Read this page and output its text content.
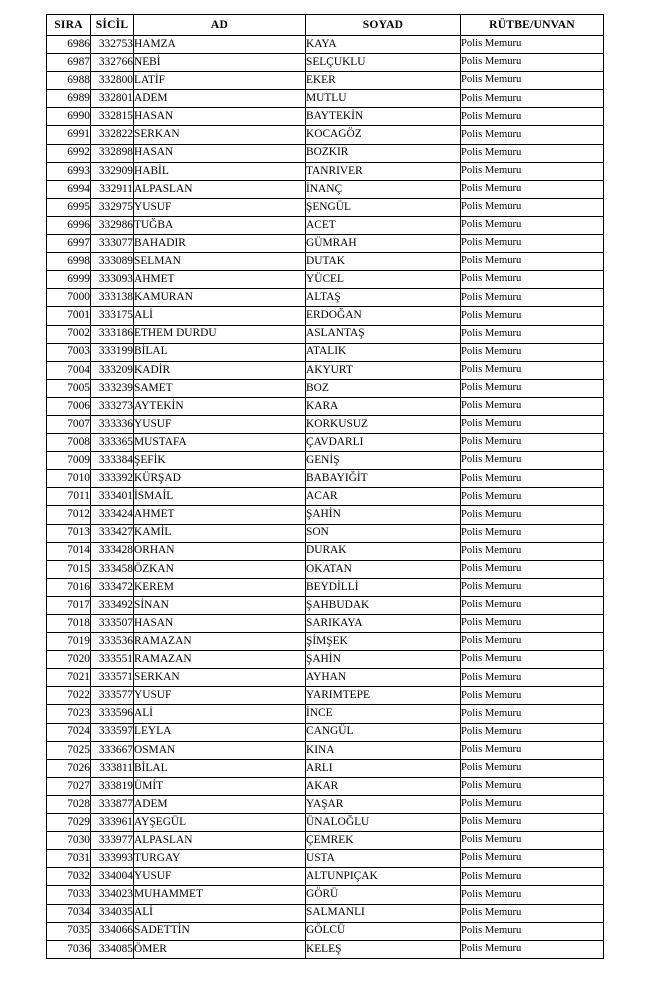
SIRA	SİCİL	AD	SOYAD	RÜTBE/UNVAN
6986	332753	HAMZA	KAYA	Polis Memuru
6987	332766	NEBİ	SELÇUKLU	Polis Memuru
6988	332800	LATİF	EKER	Polis Memuru
6989	332801	ADEM	MUTLU	Polis Memuru
6990	332815	HASAN	BAYTEKİN	Polis Memuru
6991	332822	SERKAN	KOCAGÖZ	Polis Memuru
6992	332898	HASAN	BOZKIR	Polis Memuru
6993	332909	HABİL	TANRIVER	Polis Memuru
6994	332911	ALPASLAN	İNANÇ	Polis Memuru
6995	332975	YUSUF	ŞENGÜL	Polis Memuru
6996	332986	TUĞBA	ACET	Polis Memuru
6997	333077	BAHADIR	GÜMRAH	Polis Memuru
6998	333089	SELMAN	DUTAK	Polis Memuru
6999	333093	AHMET	YÜCEL	Polis Memuru
7000	333138	KAMURAN	ALTAŞ	Polis Memuru
7001	333175	ALİ	ERDOĞAN	Polis Memuru
7002	333186	ETHEM DURDU	ASLANTAŞ	Polis Memuru
7003	333199	BİLAL	ATALIK	Polis Memuru
7004	333209	KADİR	AKYURT	Polis Memuru
7005	333239	SAMET	BOZ	Polis Memuru
7006	333273	AYTEKİN	KARA	Polis Memuru
7007	333336	YUSUF	KORKUSUZ	Polis Memuru
7008	333365	MUSTAFA	ÇAVDARLI	Polis Memuru
7009	333384	ŞEFİK	GENİŞ	Polis Memuru
7010	333392	KÜRŞAD	BABAYIĞİT	Polis Memuru
7011	333401	İSMAİL	ACAR	Polis Memuru
7012	333424	AHMET	ŞAHİN	Polis Memuru
7013	333427	KAMİL	SON	Polis Memuru
7014	333428	ORHAN	DURAK	Polis Memuru
7015	333458	ÖZKAN	OKATAN	Polis Memuru
7016	333472	KEREM	BEYDİLLİ	Polis Memuru
7017	333492	SİNAN	ŞAHBUDAK	Polis Memuru
7018	333507	HASAN	SARIKAYA	Polis Memuru
7019	333536	RAMAZAN	ŞİMŞEK	Polis Memuru
7020	333551	RAMAZAN	ŞAHİN	Polis Memuru
7021	333571	SERKAN	AYHAN	Polis Memuru
7022	333577	YUSUF	YARIMTEPE	Polis Memuru
7023	333596	ALİ	İNCE	Polis Memuru
7024	333597	LEYLA	CANGÜL	Polis Memuru
7025	333667	OSMAN	KINA	Polis Memuru
7026	333811	BİLAL	ARLI	Polis Memuru
7027	333819	ÜMİT	AKAR	Polis Memuru
7028	333877	ADEM	YAŞAR	Polis Memuru
7029	333961	AYŞEGÜL	ÜNALOĞLU	Polis Memuru
7030	333977	ALPASLAN	ÇEMREK	Polis Memuru
7031	333993	TURGAY	USTA	Polis Memuru
7032	334004	YUSUF	ALTUNPIÇAK	Polis Memuru
7033	334023	MUHAMMET	GÖRÜ	Polis Memuru
7034	334035	ALİ	SALMANLI	Polis Memuru
7035	334066	SADETTİN	GÖLCÜ	Polis Memuru
7036	334085	ÖMER	KELEŞ	Polis Memuru
